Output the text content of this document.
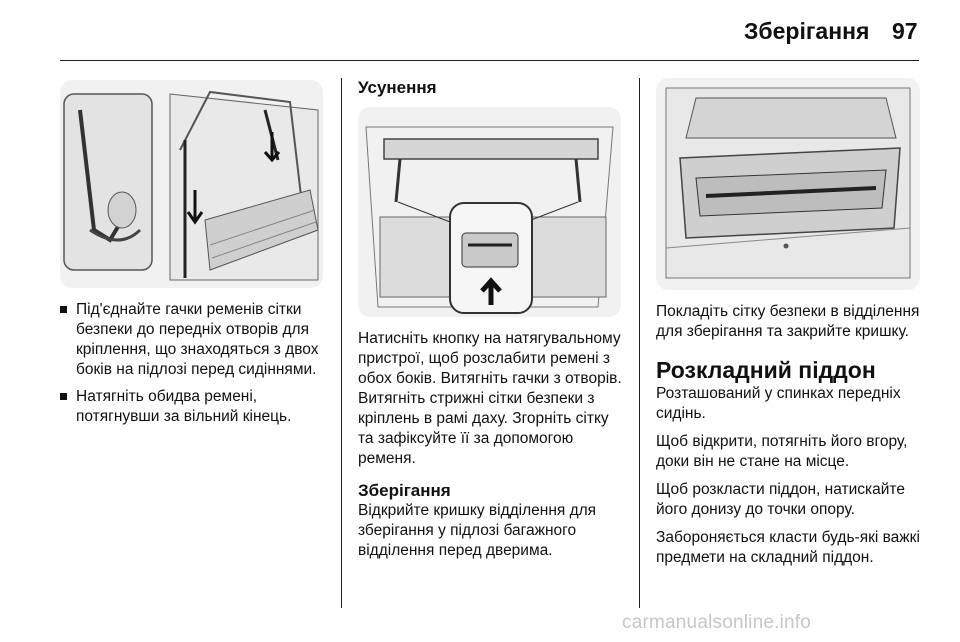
Зберігання 97
Під'єднайте гачки ременів сітки безпеки до передніх отворів для кріплення, що знаходяться з двох боків на підлозі перед сидіннями.
Натягніть обидва ремені, потягнувши за вільний кінець.
Усунення

Натисніть кнопку на натягувальному пристрої, щоб розслабити ремені з обох боків. Витягніть гачки з отворів. Витягніть стрижні сітки безпеки з кріплень в рамі даху. Згорніть сітку та зафіксуйте її за допомогою ременя.

Зберігання

Відкрийте кришку відділення для зберігання у підлозі багажного відділення перед дверима.

Покладіть сітку безпеки в відділення для зберігання та закрийте кришку.

Розкладний піддон

Розташований у спинках передніх сидінь.

Щоб відкрити, потягніть його вгору, доки він не стане на місце.

Щоб розкласти піддон, натискайте його донизу до точки опору.

Забороняється класти будь-які важкі предмети на складний піддон.

carmanualsonline.info
